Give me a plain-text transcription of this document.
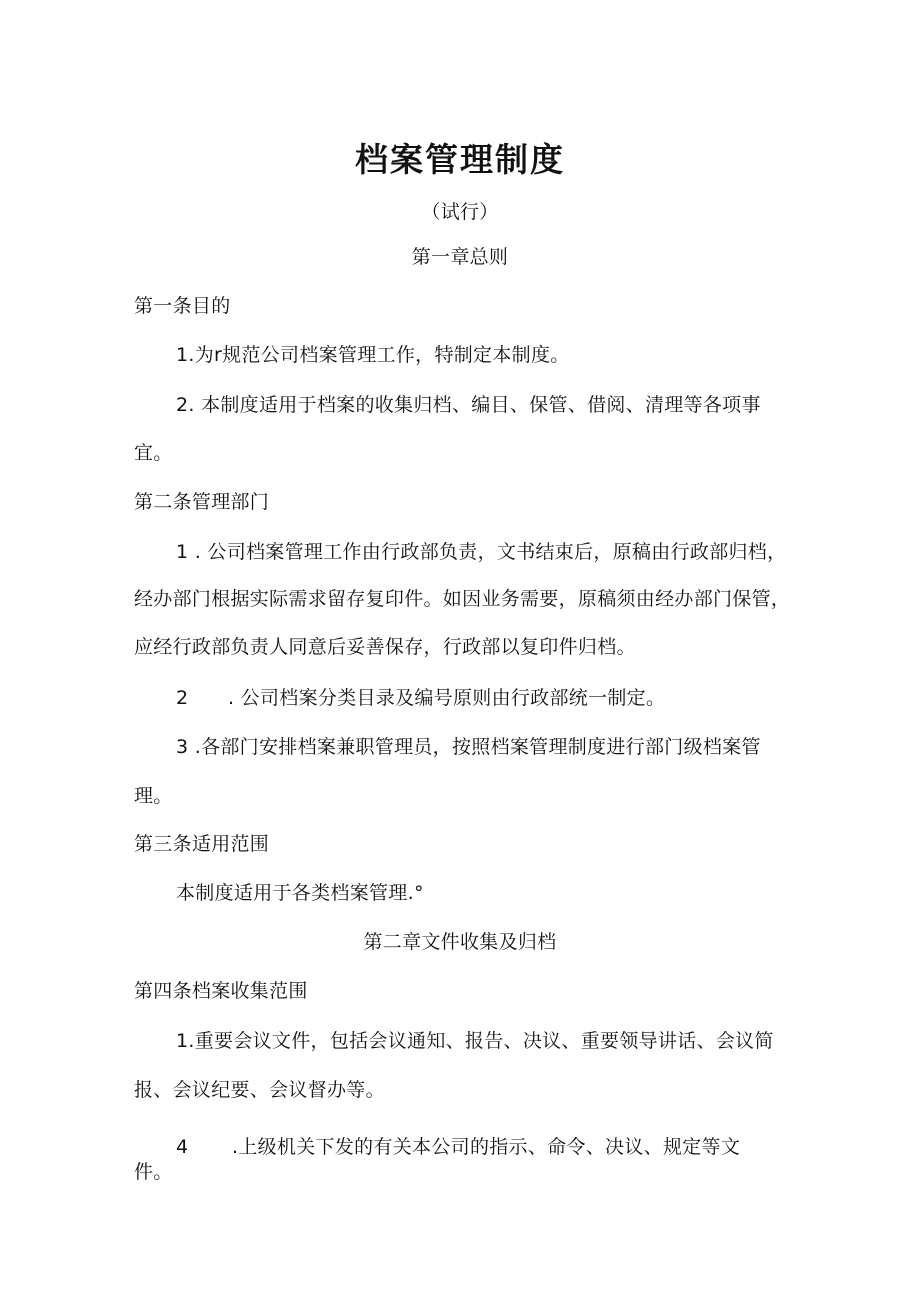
档案管理制度

（试行）

第一章总则

第一条目的

1.为r规范公司档案管理工作，特制定本制度。

2. 本制度适用于档案的收集归档、编目、保管、借阅、清理等各项事

宜。

第二条管理部门

1 . 公司档案管理工作由行政部负责，文书结束后，原稿由行政部归档，

经办部门根据实际需求留存复印件。如因业务需要，原稿须由经办部门保管，

应经行政部负责人同意后妥善保存，行政部以复印件归档。

2 . 公司档案分类目录及编号原则由行政部统一制定。

3 .各部门安排档案兼职管理员，按照档案管理制度进行部门级档案管

理。

第三条适用范围

本制度适用于各类档案管理.°

第二章文件收集及归档

第四条档案收集范围

1.重要会议文件，包括会议通知、报告、决议、重要领导讲话、会议简

报、会议纪要、会议督办等。

4 .上级机关下发的有关本公司的指示、命令、决议、规定等文

件。
